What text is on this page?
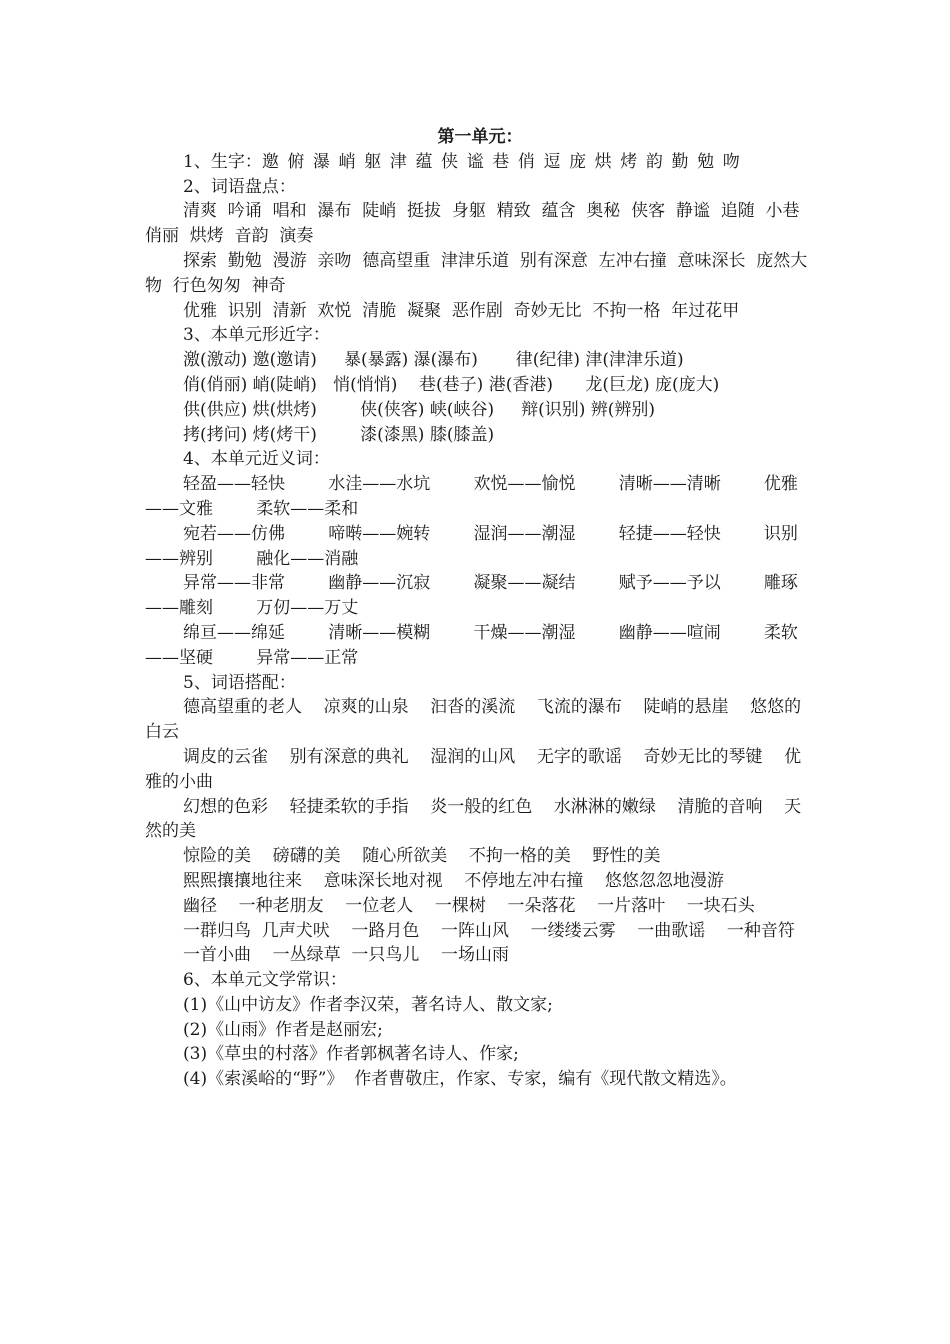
第一单元：
1、生字：邀 俯 瀑 峭 躯 津 蕴 侠 谧 巷 俏 逗 庞 烘 烤 韵 勤 勉 吻
2、词语盘点：
清爽  吟诵  唱和  瀑布  陡峭  挺拔  身躯  精致  蕴含  奥秘  侠客  静谧  追随  小巷  俏丽  烘烤  音韵  演奏
探索  勤勉  漫游  亲吻  德高望重  津津乐道  别有深意  左冲右撞  意味深长  庞然大物  行色匆匆  神奇
优雅  识别  清新  欢悦  清脆  凝聚  恶作剧  奇妙无比  不拘一格  年过花甲
3、本单元形近字：
激(激动) 邀(邀请)     暴(暴露) 瀑(瀑布)       律(纪律) 津(津津乐道)
俏(俏丽) 峭(陡峭)   悄(悄悄)    巷(巷子) 港(香港)      龙(巨龙) 庞(庞大)
供(供应) 烘(烘烤)        侠(侠客) 峡(峡谷)     辩(识别) 辨(辨别)
拷(拷问) 烤(烤干)        漆(漆黑) 膝(膝盖)
4、本单元近义词：
轻盈——轻快        水洼——水坑        欢悦——愉悦        清晰——清晰        优雅——文雅        柔软——柔和
宛若——仿佛        啼啭——婉转        湿润——潮湿        轻捷——轻快        识别——辨别        融化——消融
异常——非常        幽静——沉寂        凝聚——凝结        赋予——予以        雕琢——雕刻        万仞——万丈
绵亘——绵延        清晰——模糊        干燥——潮湿        幽静——喧闹        柔软——坚硬        异常——正常
5、词语搭配：
德高望重的老人    凉爽的山泉    汩沓的溪流    飞流的瀑布    陡峭的悬崖    悠悠的白云
调皮的云雀    别有深意的典礼    湿润的山风    无字的歌谣    奇妙无比的琴键    优雅的小曲
幻想的色彩    轻捷柔软的手指    炎一般的红色    水淋淋的嫩绿    清脆的音响    天然的美
惊险的美    磅礴的美    随心所欲美    不拘一格的美    野性的美
熙熙攘攘地往来    意味深长地对视    不停地左冲右撞    悠悠忽忽地漫游
幽径    一种老朋友    一位老人    一棵树    一朵落花    一片落叶    一块石头
一群归鸟  几声犬吠    一路月色    一阵山风    一缕缕云雾    一曲歌谣    一种音符
一首小曲    一丛绿草  一只鸟儿    一场山雨
6、本单元文学常识：
(1)《山中访友》作者李汉荣，著名诗人、散文家;
(2)《山雨》作者是赵丽宏;
(3)《草虫的村落》作者郭枫著名诗人、作家;
(4)《索溪峪的“野”》  作者曹敬庄，作家、专家，编有《现代散文精选》。
